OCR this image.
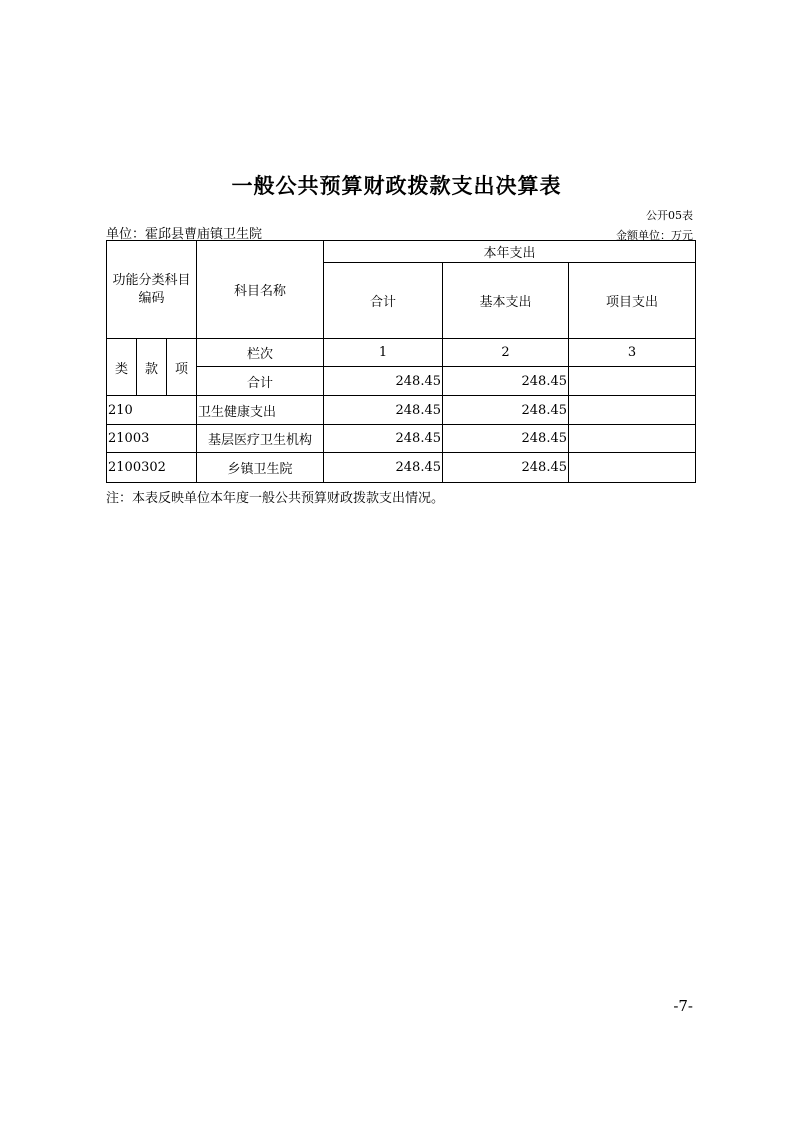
一般公共预算财政拨款支出决算表
公开05表
单位：霍邱县曹庙镇卫生院	金额单位：万元
功能分类科目编码			科目名称	本年支出		
				合计	基本支出	项目支出
类	款	项	栏次	1	2	3
			合计	248.45	248.45	
210			卫生健康支出	248.45	248.45	
21003			基层医疗卫生机构	248.45	248.45	
2100302			乡镇卫生院	248.45	248.45	
注：本表反映单位本年度一般公共预算财政拨款支出情况。
-7-
